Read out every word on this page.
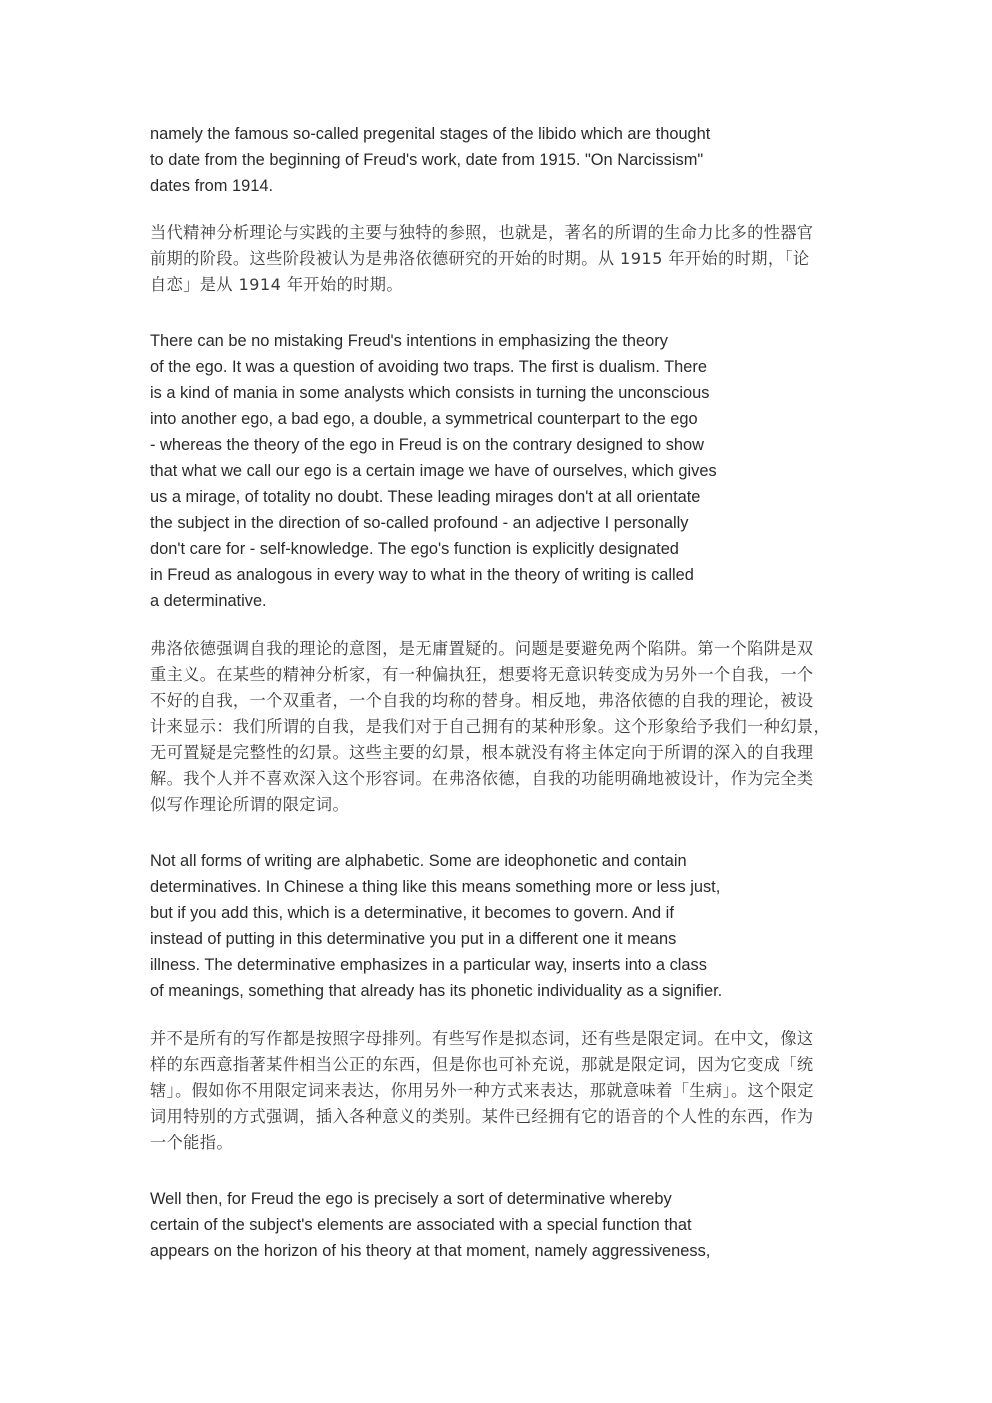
namely the famous so-called pregenital stages of the libido which are thought
to date from the beginning of Freud's work, date from 1915. "On Narcissism"
dates from 1914.

当代精神分析理论与实践的主要与独特的参照，也就是，著名的所谓的生命力比多的性器官
前期的阶段。这些阶段被认为是弗洛依德研究的开始的时期。从 1915 年开始的时期，「论
自恋」是从 1914 年开始的时期。

There can be no mistaking Freud's intentions in emphasizing the theory
of the ego. It was a question of avoiding two traps. The first is dualism. There
is a kind of mania in some analysts which consists in turning the unconscious
into another ego, a bad ego, a double, a symmetrical counterpart to the ego
- whereas the theory of the ego in Freud is on the contrary designed to show
that what we call our ego is a certain image we have of ourselves, which gives
us a mirage, of totality no doubt. These leading mirages don't at all orientate
the subject in the direction of so-called profound - an adjective I personally
don't care for - self-knowledge. The ego's function is explicitly designated
in Freud as analogous in every way to what in the theory of writing is called
a determinative.

弗洛依德强调自我的理论的意图，是无庸置疑的。问题是要避免两个陷阱。第一个陷阱是双
重主义。在某些的精神分析家，有一种偏执狂，想要将无意识转变成为另外一个自我，一个
不好的自我，一个双重者，一个自我的均称的替身。相反地，弗洛依德的自我的理论，被设
计来显示：我们所谓的自我，是我们对于自己拥有的某种形象。这个形象给予我们一种幻景，
无可置疑是完整性的幻景。这些主要的幻景，根本就没有将主体定向于所谓的深入的自我理
解。我个人并不喜欢深入这个形容词。在弗洛依德，自我的功能明确地被设计，作为完全类
似写作理论所谓的限定词。

Not all forms of writing are alphabetic. Some are ideophonetic and contain
determinatives. In Chinese a thing like this means something more or less just,
but if you add this, which is a determinative, it becomes to govern. And if
instead of putting in this determinative you put in a different one it means
illness. The determinative emphasizes in a particular way, inserts into a class
of meanings, something that already has its phonetic individuality as a signifier.

并不是所有的写作都是按照字母排列。有些写作是拟态词，还有些是限定词。在中文，像这
样的东西意指著某件相当公正的东西，但是你也可补充说，那就是限定词，因为它变成「统
辖」。假如你不用限定词来表达，你用另外一种方式来表达，那就意味着「生病」。这个限定
词用特别的方式强调，插入各种意义的类别。某件已经拥有它的语音的个人性的东西，作为
一个能指。

Well then, for Freud the ego is precisely a sort of determinative whereby
certain of the subject's elements are associated with a special function that
appears on the horizon of his theory at that moment, namely aggressiveness,
